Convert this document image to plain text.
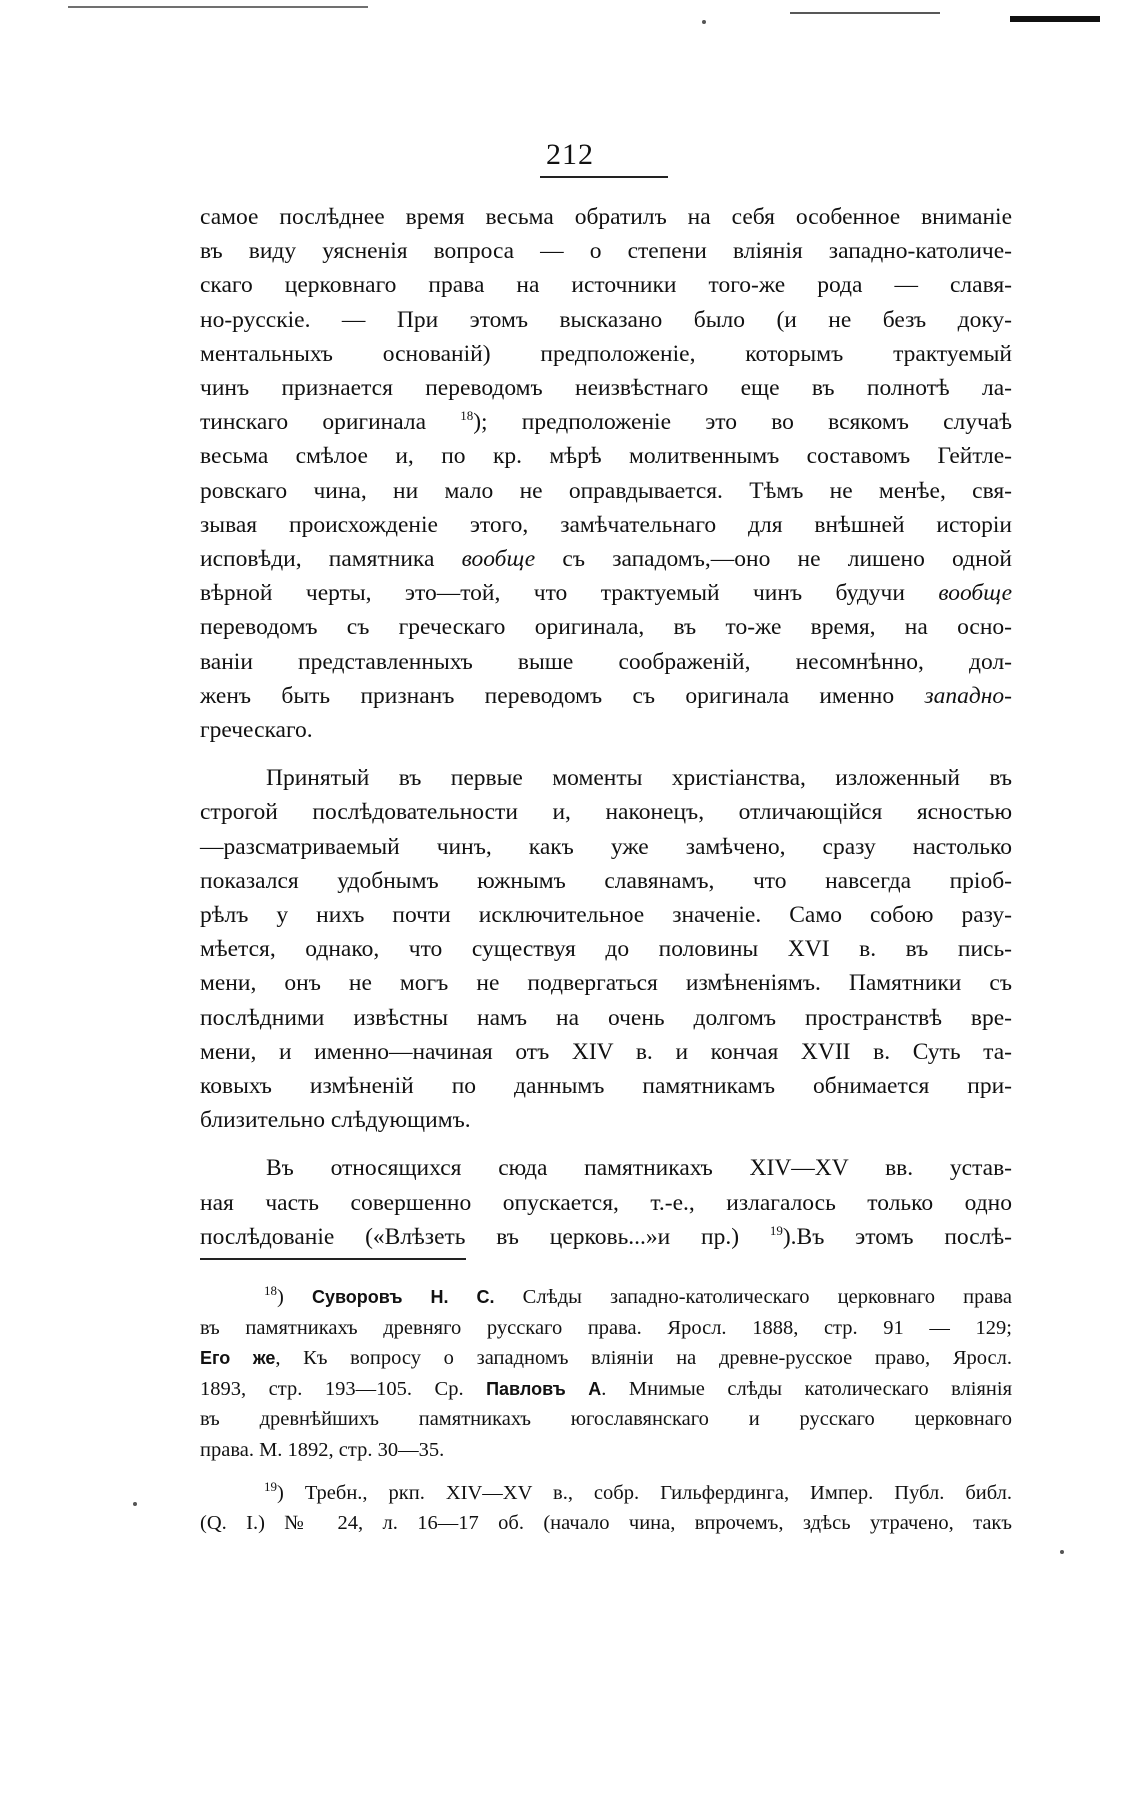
212
самое послѣднее время весьма обратилъ на себя особенное вниманіе
въ виду уясненія вопроса — о степени вліянія западно-католиче-
скаго церковнаго права на источники того-же рода — славя-
но-русскіе. — При этомъ высказано было (и не безъ доку-
ментальныхъ основаній) предположеніе, которымъ трактуемый
чинъ признается переводомъ неизвѣстнаго еще въ полнотѣ ла-
тинскаго оригинала $^{18}$); предположеніе это во всякомъ случаѣ
весьма смѣлое и, по кр. мѣрѣ молитвеннымъ составомъ Гейтле-
ровскаго чина, ни мало не оправдывается. Тѣмъ не менѣе, свя-
зывая происхожденіе этого, замѣчательнаго для внѣшней исторіи
исповѣди, памятника вообще съ западомъ,—оно не лишено одной
вѣрной черты, это—той, что трактуемый чинъ будучи вообще
переводомъ съ греческаго оригинала, въ то-же время, на осно-
ваніи представленныхъ выше соображеній, несомнѣнно, дол-
женъ быть признанъ переводомъ съ оригинала именно западно-
греческаго.
Принятый въ первые моменты христіанства, изложенный въ
строгой послѣдовательности и, наконецъ, отличающійся ясностью
—разсматриваемый чинъ, какъ уже замѣчено, сразу настолько
показался удобнымъ южнымъ славянамъ, что навсегда пріоб-
рѣлъ у нихъ почти исключительное значеніе. Само собою разу-
мѣется, однако, что существуя до половины XVI в. въ пись-
мени, онъ не могъ не подвергаться измѣненіямъ. Памятники съ
послѣдними извѣстны намъ на очень долгомъ пространствѣ вре-
мени, и именно—начиная отъ XIV в. и кончая XVII в. Суть та-
ковыхъ измѣненій по даннымъ памятникамъ обнимается при-
близительно слѣдующимъ.
Въ относящихся сюда памятникахъ XIV—XV вв. устав-
ная часть совершенно опускается, т.-е., излагалось только одно
послѣдованіе («Влѣзеть въ церковь...»и пр.) $^{19}$).Въ этомъ послѣ-
$^{18}$) Суворовъ Н. С. Слѣды западно-католическаго церковнаго права
въ памятникахъ древняго русскаго права. Яросл. 1888, стр. 91 — 129;
Его же, Къ вопросу о западномъ вліяніи на древне-русское право, Яросл.
1893, стр. 193—105. Ср. Павловъ А. Мнимые слѣды католическаго вліянія
въ древнѣйшихъ памятникахъ югославянскаго и русскаго церковнаго
права. М. 1892, стр. 30—35.
$^{19}$) Требн., ркп. XIV—XV в., собр. Гильфердинга, Импер. Публ. библ.
(Q. I.) № 24, л. 16—17 об. (начало чина, впрочемъ, здѣсь утрачено, такъ
